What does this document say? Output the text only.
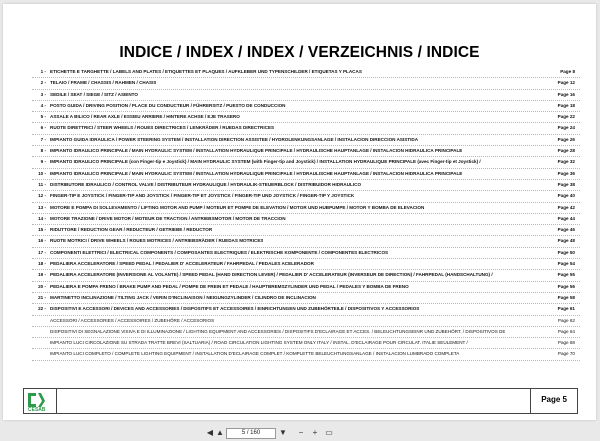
INDICE / INDEX / INDEX / VERZEICHNIS / INDICE
1 - ETICHETTE E TARGHETTE / LABELS AND PLATES / ETIQUETTES ET PLAQUES / AUFKLEBER UND TYPENSCHILDER / ETIQUETAS Y PLACAS	Page 8
2 - TELAIO / FRAME / CHASSIS / RAHMEN / CHASIS	Page 12
3 - SEDILE / SEAT / SIEGE / SITZ / ASIENTO	Page 16
4 - POSTO GUIDA / DRIVING POSITION / PLACE DU CONDUCTEUR / FÜHRERSITZ / PUESTO DE CONDUCCION	Page 18
5 - ASSALE A BILICO / REAR AXLE / ESSIEU ARRIERE / HINTERE ACHSE / EJE TRASERO	Page 22
6 - RUOTE DIRETTRICI / STEER WHEELS / ROUES DIRECTRICES / LENKRÄDER / RUEDAS DIRECTRICES	Page 24
7 - IMPIANTO GUIDA IDRAULICA / POWER STEERING SYSTEM / INSTALLATION DIRECTION ASSISTEE / HYDROLENKUNGSANLAGE / INSTALACION DIRECCION ASISTIDA	Page 26
8 - IMPIANTO IDRAULICO PRINCIPALE / MAIN HYDRAULIC SYSTEM / INSTALLATION HYDRAULIQUE PRINCIPALE / HYDRAULISCHE HAUPTANLAGE / INSTALACION HIDRAULICA PRINCIPALE	Page 28
9 - IMPIANTO IDRAULICO PRINCIPALE (con Finger-tip e Joystick) / MAIN HYDRAULIC SYSTEM (with Finger-tip and Joystick) / INSTALLATION HYDRAULIQUE PRINCIPALE (avec Finger-tip et Joystick) /	Page 32
10 - IMPIANTO IDRAULICO PRINCIPALE / MAIN HYDRAULIC SYSTEM / INSTALLATION HYDRAULIQUE PRINCIPALE / HYDRAULISCHE HAUPTANLAGE / INSTALACION HIDRAULICA PRINCIPALE	Page 36
11 - DISTRIBUTORE IDRAULICO / CONTROL VALVE / DISTRIBUTEUR HYDRAULIQUE / HYDRAULIK-STEUERBLOCK / DISTRIBUIDOR HIDRAULICO	Page 38
12 - FINGER-TIP E JOYSTICK / FINGER-TIP AND JOYSTICK / FINGER-TIP ET JOYSTICK / FINGER-TIP UND JOYSTICK / FINGER-TIP Y JOYSTICK	Page 40
13 - MOTORE E POMPA DI SOLLEVAMENTO / LIFTING MOTOR AND PUMP / MOTEUR ET POMPE DE ELEVATION / MOTOR UND HUBPUMPE / MOTOR Y BOMBA DE ELEVACION	Page 42
14 - MOTORE TRAZIONE / DRIVE MOTOR / MOTEUR DE TRACTION / ANTRIEBSMOTOR / MOTOR DE TRACCION	Page 44
15 - RIDUTTORE / REDUCTION GEAR / REDUCTEUR / GETRIEBE / REDUCTOR	Page 46
16 - RUOTE MOTRICI / DRIVE WHEELS / ROUES MOTRICES / ANTRIEBSRÄDER / RUEDAS MOTRICES	Page 48
17 - COMPONENTI ELETTRICI / ELECTRICAL COMPONENTS / COMPOSANTES ELECTRIQUES / ELEKTRISCHE KOMPONENTE / COMPONENTES ELECTRICOS	Page 50
18 - PEDALIERA ACCELERATORE / SPEED PEDAL / PEDALIER D' ACCELERATEUR / FAHRPEDAL / PEDALES ACELERADOR	Page 54
19 - PEDALIERA ACCELERATORE (INVERSIONE AL VOLANTE) / SPEED PEDAL (HAND DIRECTION LEVER) / PEDALIER D' ACCELERATEUR (INVERSEUR DE DIRECTION) / FAHRPEDAL (HANDSCHALTUNG) /	Page 55
20 - PEDALIERA E POMPA FRENO / BRAKE PUMP AND PEDAL / POMPE DE FREIN ET PEDALE / HAUPTBREMSZYLINDER UND PEDAL / PEDALES Y BOMBA DE FRENO	Page 56
21 - MARTINETTO INCLINAZIONE / TILTING JACK / VERIN D'INCLINAISON / NEIGUNGZYLINDER / CILINDRO DE INCLINACION	Page 58
22 - DISPOSITIVI E ACCESSORI / DEVICES AND ACCESSORIES / DISPOSITIFS ET ACCESSOIRES / EINRICHTUNGEN UND ZUBEHÖRTEILE / DISPOSITIVOS Y ACCESSORIOS	Page 61
ACCESSORI / ACCESSORIES / ACCESSOIRES / ZUBEHÖRE / ACCESORIOS	Page 62
DISPOSITIVI DI SEGNALAZIONE VISIVA E DI ILLUMINAZIONE / LIGHTING EQUIPMENT AND ACCESSORIES / DISPOSITIFS D'ECLAIRAGE ET ACCES. / BELEUCHTUNGSEINR UND ZUBEHÖRT. / DISPOSITIVOS DE	Page 64
IMPIANTO LUCI CIRCOLAZIONE SU STRADA TRATTE BREVI (SALTUARIA) / ROAD CIRCULATION LIGHTING SYSTEM ONLY ITALY / INSTAL. D'ECLAIRAGE POUR CIRCULAT. ITALIE SEULEMENT /	Page 68
IMPIANTO LUCI COMPLETO / COMPLETE LIGHTING EQUIPMENT / INSTALLATION D'ECLAIRAGE COMPLET / KOMPLETTE BELEUCHTUNGSANLAGE / INSTALACION LUMBRADO COMPLETA	Page 70
CESAB
Page 5
◀ ▲	5 / 160	▼	−	+ ▭
